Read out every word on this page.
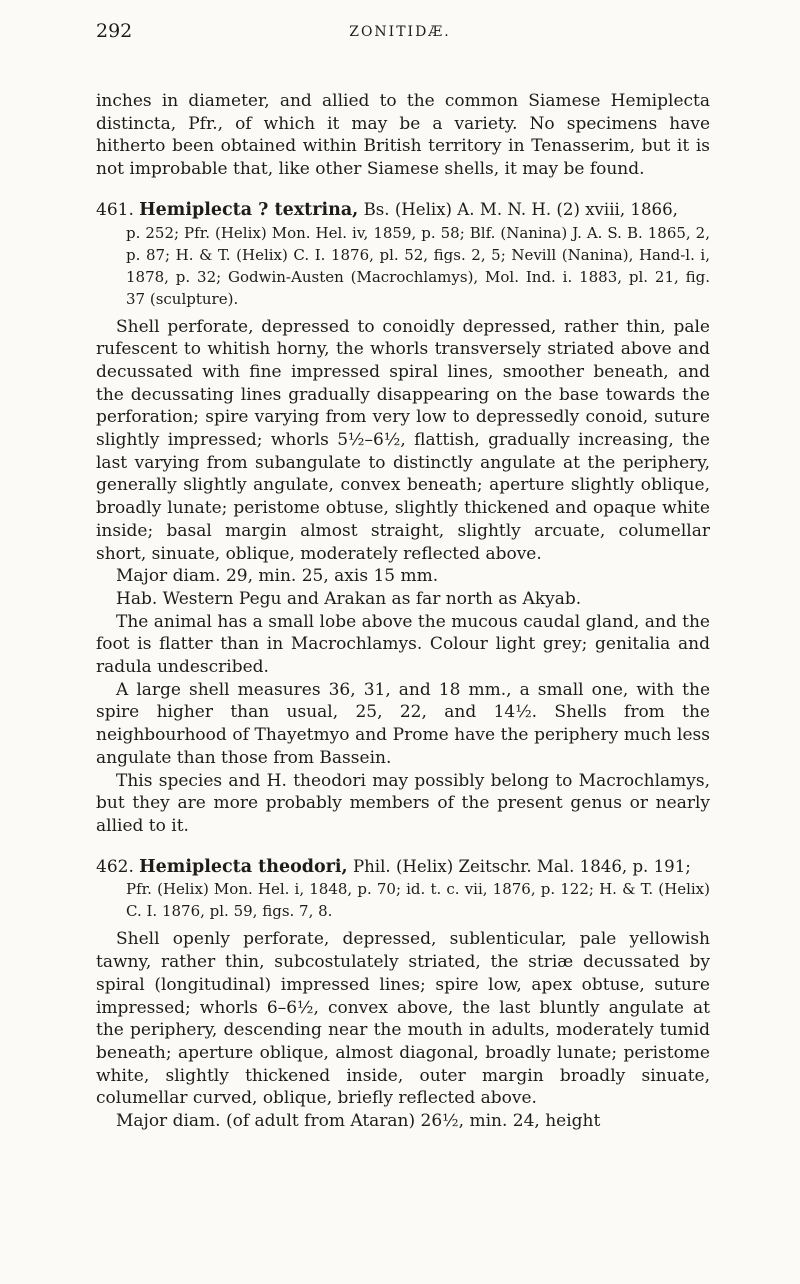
292	ZONITIDÆ.

inches in diameter, and allied to the common Siamese Hemiplecta distincta, Pfr., of which it may be a variety. No specimens have hitherto been obtained within British territory in Tenasserim, but it is not improbable that, like other Siamese shells, it may be found.

461. Hemiplecta ? textrina, Bs. (Helix) A. M. N. H. (2) xviii, 1866,

p. 252; Pfr. (Helix) Mon. Hel. iv, 1859, p. 58; Blf. (Nanina) J. A. S. B. 1865, 2, p. 87; H. & T. (Helix) C. I. 1876, pl. 52, figs. 2, 5; Nevill (Nanina), Hand-l. i, 1878, p. 32; Godwin-Austen (Macrochlamys), Mol. Ind. i. 1883, pl. 21, fig. 37 (sculpture).

Shell perforate, depressed to conoidly depressed, rather thin, pale rufescent to whitish horny, the whorls transversely striated above and decussated with fine impressed spiral lines, smoother beneath, and the decussating lines gradually disappearing on the base towards the perforation; spire varying from very low to depressedly conoid, suture slightly impressed; whorls 5½–6½, flattish, gradually increasing, the last varying from subangulate to distinctly angulate at the periphery, generally slightly angulate, convex beneath; aperture slightly oblique, broadly lunate; peristome obtuse, slightly thickened and opaque white inside; basal margin almost straight, slightly arcuate, columellar short, sinuate, oblique, moderately reflected above.

Major diam. 29, min. 25, axis 15 mm.

Hab. Western Pegu and Arakan as far north as Akyab.

The animal has a small lobe above the mucous caudal gland, and the foot is flatter than in Macrochlamys. Colour light grey; genitalia and radula undescribed.

A large shell measures 36, 31, and 18 mm., a small one, with the spire higher than usual, 25, 22, and 14½. Shells from the neighbourhood of Thayetmyo and Prome have the periphery much less angulate than those from Bassein.

This species and H. theodori may possibly belong to Macrochlamys, but they are more probably members of the present genus or nearly allied to it.

462. Hemiplecta theodori, Phil. (Helix) Zeitschr. Mal. 1846, p. 191;

Pfr. (Helix) Mon. Hel. i, 1848, p. 70; id. t. c. vii, 1876, p. 122; H. & T. (Helix) C. I. 1876, pl. 59, figs. 7, 8.

Shell openly perforate, depressed, sublenticular, pale yellowish tawny, rather thin, subcostulately striated, the striæ decussated by spiral (longitudinal) impressed lines; spire low, apex obtuse, suture impressed; whorls 6–6½, convex above, the last bluntly angulate at the periphery, descending near the mouth in adults, moderately tumid beneath; aperture oblique, almost diagonal, broadly lunate; peristome white, slightly thickened inside, outer margin broadly sinuate, columellar curved, oblique, briefly reflected above.

Major diam. (of adult from Ataran) 26½, min. 24, height
